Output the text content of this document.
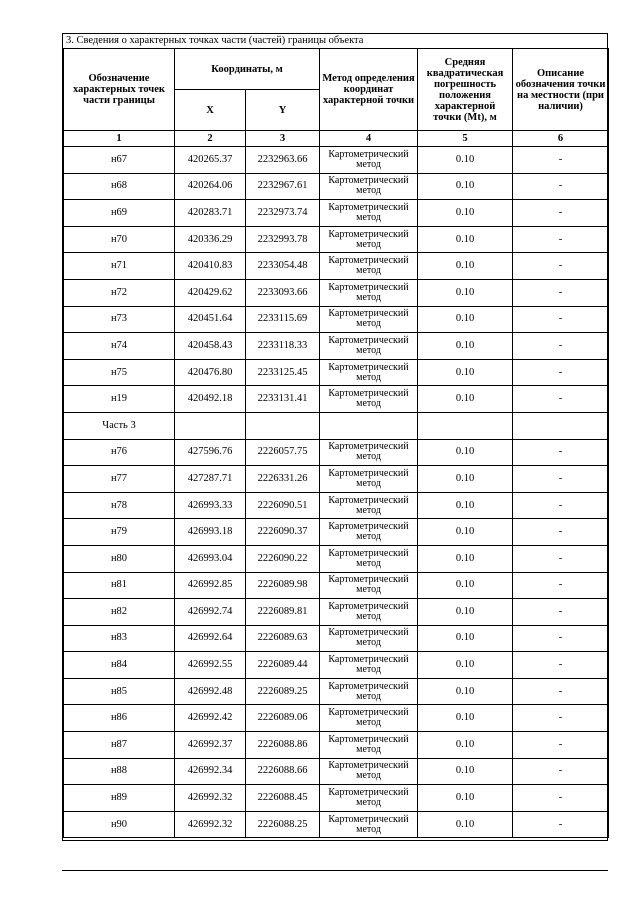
3. Сведения о характерных точках части (частей) границы объекта
Обозначение характерных точек части границы	Координаты, м		Метод определения координат характерной точки	Средняя квадратическая погрешность положения характерной точки (Mt), м	Описание обозначения точки на местности (при наличии)
	X	Y			
1	2	3	4	5	6
н67	420265.37	2232963.66	Картометрический метод	0.10	-
н68	420264.06	2232967.61	Картометрический метод	0.10	-
н69	420283.71	2232973.74	Картометрический метод	0.10	-
н70	420336.29	2232993.78	Картометрический метод	0.10	-
н71	420410.83	2233054.48	Картометрический метод	0.10	-
н72	420429.62	2233093.66	Картометрический метод	0.10	-
н73	420451.64	2233115.69	Картометрический метод	0.10	-
н74	420458.43	2233118.33	Картометрический метод	0.10	-
н75	420476.80	2233125.45	Картометрический метод	0.10	-
н19	420492.18	2233131.41	Картометрический метод	0.10	-
Часть 3					
н76	427596.76	2226057.75	Картометрический метод	0.10	-
н77	427287.71	2226331.26	Картометрический метод	0.10	-
н78	426993.33	2226090.51	Картометрический метод	0.10	-
н79	426993.18	2226090.37	Картометрический метод	0.10	-
н80	426993.04	2226090.22	Картометрический метод	0.10	-
н81	426992.85	2226089.98	Картометрический метод	0.10	-
н82	426992.74	2226089.81	Картометрический метод	0.10	-
н83	426992.64	2226089.63	Картометрический метод	0.10	-
н84	426992.55	2226089.44	Картометрический метод	0.10	-
н85	426992.48	2226089.25	Картометрический метод	0.10	-
н86	426992.42	2226089.06	Картометрический метод	0.10	-
н87	426992.37	2226088.86	Картометрический метод	0.10	-
н88	426992.34	2226088.66	Картометрический метод	0.10	-
н89	426992.32	2226088.45	Картометрический метод	0.10	-
н90	426992.32	2226088.25	Картометрический метод	0.10	-
